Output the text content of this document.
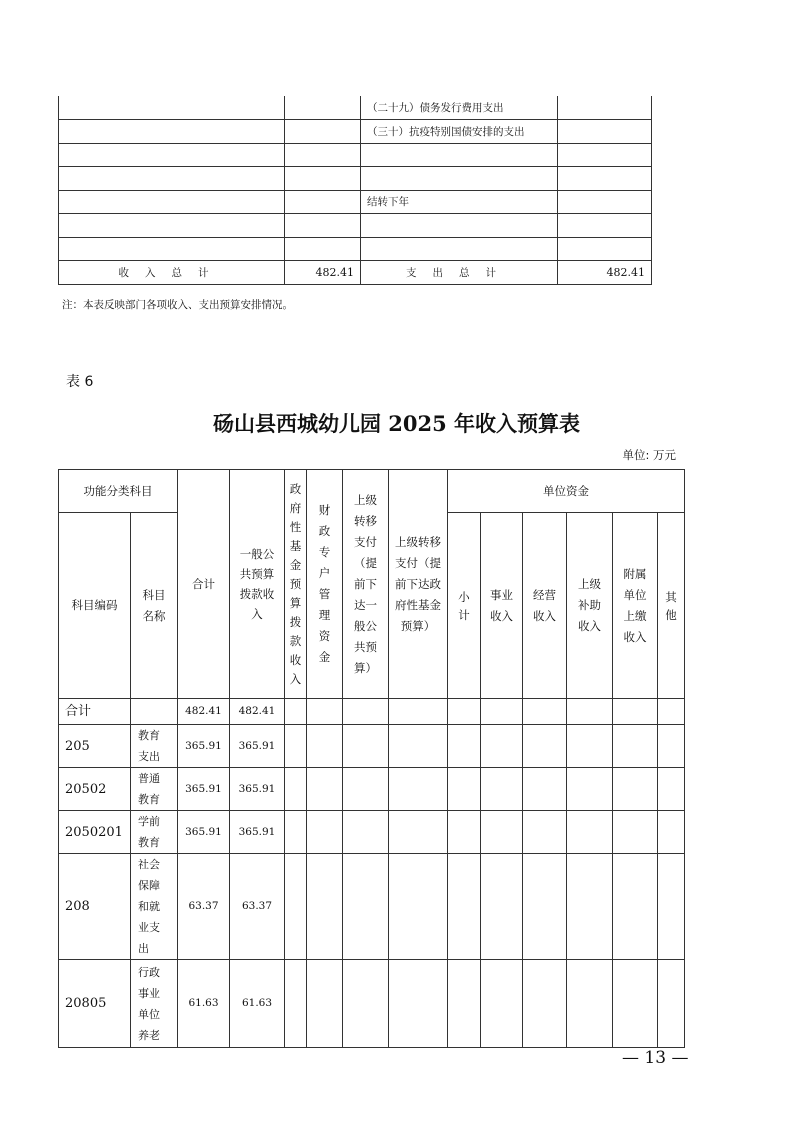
		（二十九）债务发行费用支出	
		（三十）抗疫特别国债安排的支出	

		结转下年	

收入总计	482.41	支出总计	482.41
注：本表反映部门各项收入、支出预算安排情况。
表 6
砀山县西城幼儿园 2025 年收入预算表
单位: 万元
功能分类科目		合计	一般公共预算拨款收入	政府性基金预算拨款收入	财政专户管理资金	上级转移支付（提前下达一般公共预算）	上级转移支付（提前下达政府性基金预算）	单位资金					
科目编码	科目名称							小计	事业收入	经营收入	上级补助收入	附属单位上缴收入	其他

合计		482.41	482.41										
205	教育支出	365.91	365.91										
20502	普通教育	365.91	365.91										
2050201	学前教育	365.91	365.91										
208	社会保障和就业支出	63.37	63.37										
20805	行政事业单位养老	61.63	61.63										
— 13 —
